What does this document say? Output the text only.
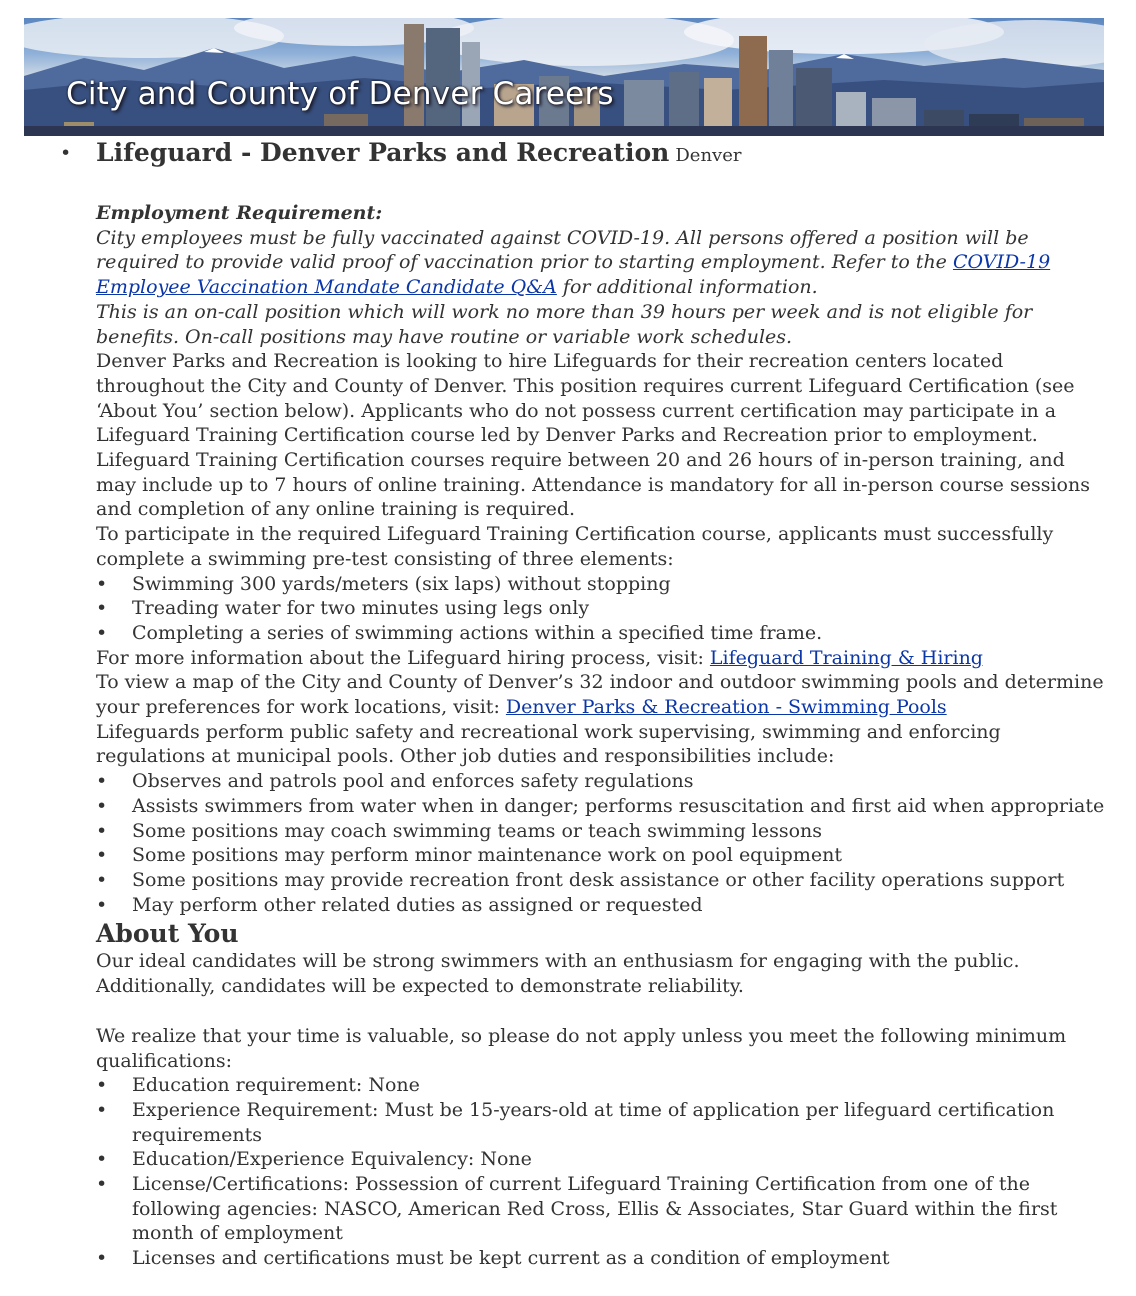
City and County of Denver Careers
• Lifeguard - Denver Parks and Recreation Denver
Employment Requirement:
City employees must be fully vaccinated against COVID-19. All persons offered a position will be required to provide valid proof of vaccination prior to starting employment. Refer to the COVID-19 Employee Vaccination Mandate Candidate Q&A for additional information.
This is an on-call position which will work no more than 39 hours per week and is not eligible for benefits. On-call positions may have routine or variable work schedules.
Denver Parks and Recreation is looking to hire Lifeguards for their recreation centers located throughout the City and County of Denver. This position requires current Lifeguard Certification (see ‘About You’ section below). Applicants who do not possess current certification may participate in a Lifeguard Training Certification course led by Denver Parks and Recreation prior to employment. Lifeguard Training Certification courses require between 20 and 26 hours of in-person training, and may include up to 7 hours of online training. Attendance is mandatory for all in-person course sessions and completion of any online training is required.
To participate in the required Lifeguard Training Certification course, applicants must successfully complete a swimming pre-test consisting of three elements:
• Swimming 300 yards/meters (six laps) without stopping
• Treading water for two minutes using legs only
• Completing a series of swimming actions within a specified time frame.
For more information about the Lifeguard hiring process, visit: Lifeguard Training & Hiring
To view a map of the City and County of Denver’s 32 indoor and outdoor swimming pools and determine your preferences for work locations, visit: Denver Parks & Recreation - Swimming Pools
Lifeguards perform public safety and recreational work supervising, swimming and enforcing regulations at municipal pools. Other job duties and responsibilities include:
• Observes and patrols pool and enforces safety regulations
• Assists swimmers from water when in danger; performs resuscitation and first aid when appropriate
• Some positions may coach swimming teams or teach swimming lessons
• Some positions may perform minor maintenance work on pool equipment
• Some positions may provide recreation front desk assistance or other facility operations support
• May perform other related duties as assigned or requested
About You
Our ideal candidates will be strong swimmers with an enthusiasm for engaging with the public. Additionally, candidates will be expected to demonstrate reliability.
We realize that your time is valuable, so please do not apply unless you meet the following minimum qualifications:
• Education requirement: None
• Experience Requirement: Must be 15-years-old at time of application per lifeguard certification requirements
• Education/Experience Equivalency: None
• License/Certifications: Possession of current Lifeguard Training Certification from one of the following agencies: NASCO, American Red Cross, Ellis & Associates, Star Guard within the first month of employment
• Licenses and certifications must be kept current as a condition of employment
